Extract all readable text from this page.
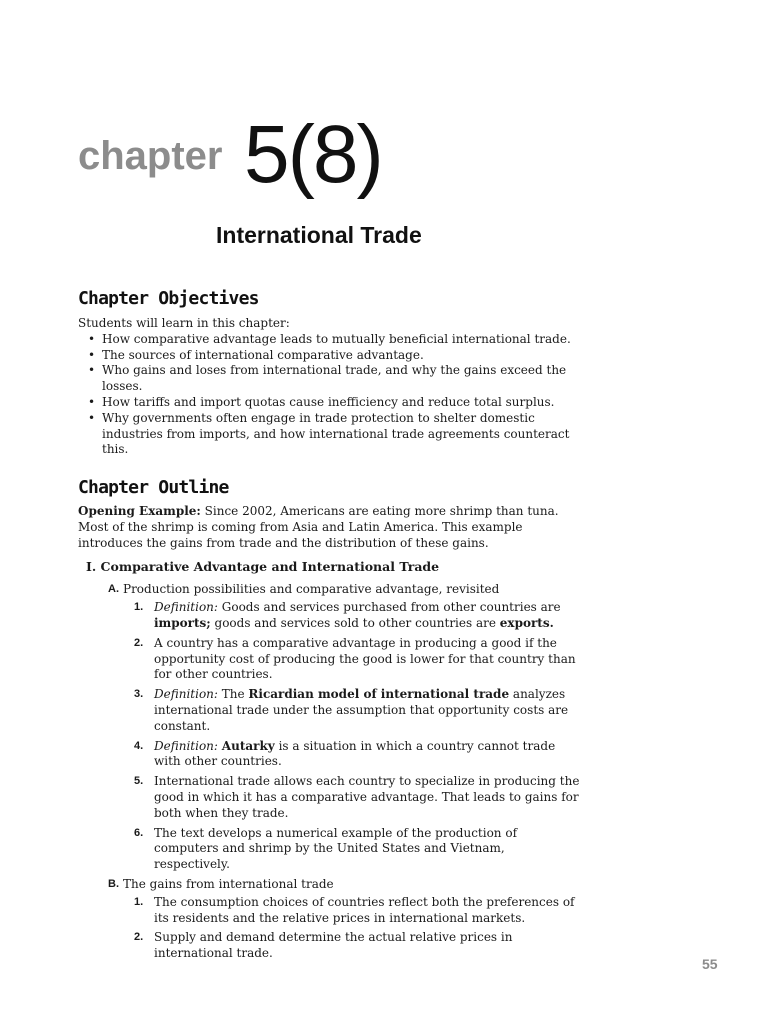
chapter 5(8)
International Trade
Chapter Objectives

Students will learn in this chapter:

• How comparative advantage leads to mutually beneficial international trade.
• The sources of international comparative advantage.
• Who gains and loses from international trade, and why the gains exceed the losses.
• How tariffs and import quotas cause inefficiency and reduce total surplus.
• Why governments often engage in trade protection to shelter domestic industries from imports, and how international trade agreements counteract this.
Chapter Outline

Opening Example: Since 2002, Americans are eating more shrimp than tuna. Most of the shrimp is coming from Asia and Latin America. This example introduces the gains from trade and the distribution of these gains.

I. Comparative Advantage and International Trade
A. Production possibilities and comparative advantage, revisited
1. Definition: Goods and services purchased from other countries are imports; goods and services sold to other countries are exports.
2. A country has a comparative advantage in producing a good if the opportunity cost of producing the good is lower for that country than for other countries.
3. Definition: The Ricardian model of international trade analyzes international trade under the assumption that opportunity costs are constant.
4. Definition: Autarky is a situation in which a country cannot trade with other countries.
5. International trade allows each country to specialize in producing the good in which it has a comparative advantage. That leads to gains for both when they trade.
6. The text develops a numerical example of the production of computers and shrimp by the United States and Vietnam, respectively.
B. The gains from international trade
1. The consumption choices of countries reflect both the preferences of its residents and the relative prices in international markets.
2. Supply and demand determine the actual relative prices in international trade.
55
